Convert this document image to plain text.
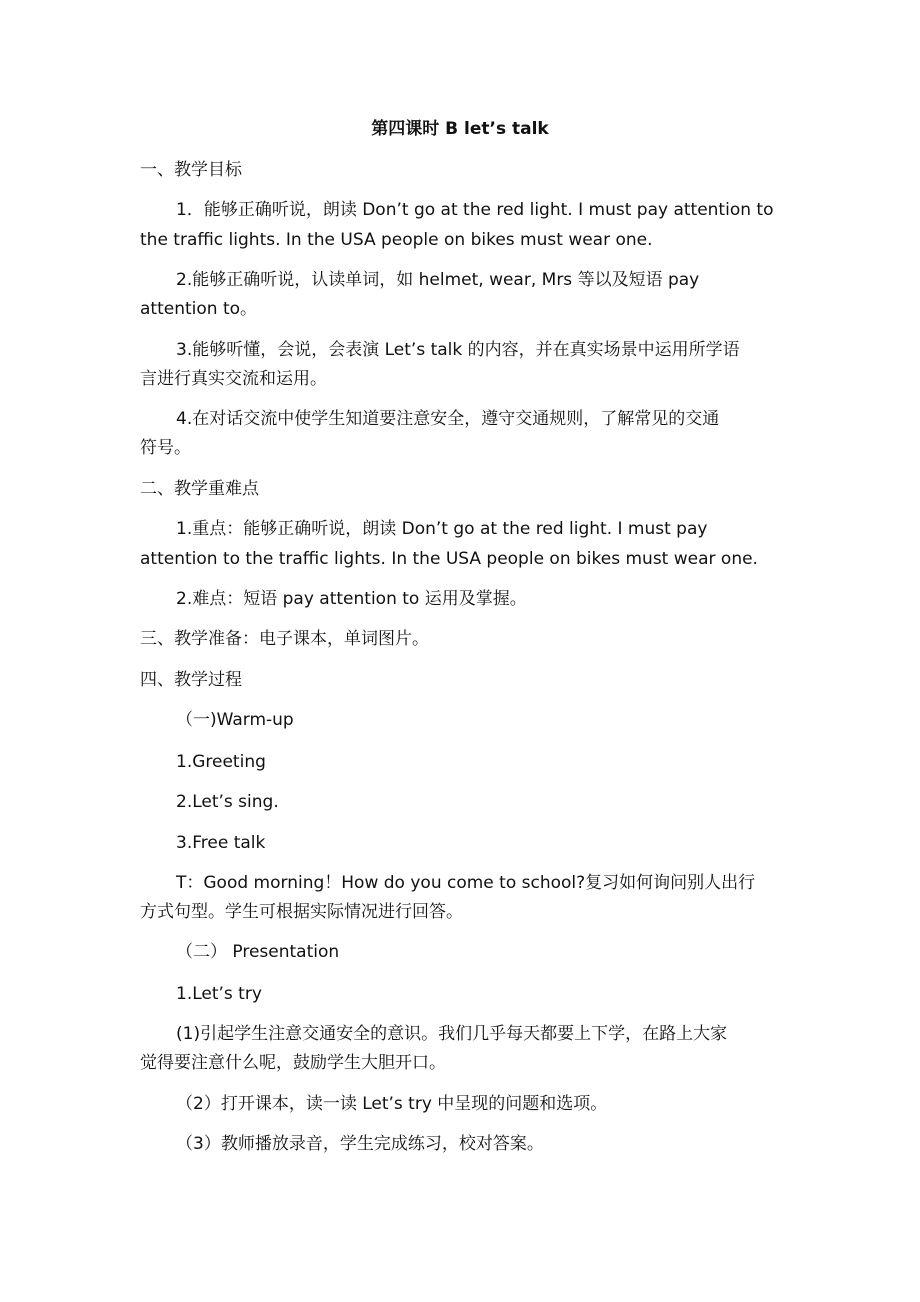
第四课时 B let’s talk
一、教学目标
1．能够正确听说，朗读 Don’t go at the red light. I must pay attention to
the traffic lights. In the USA people on bikes must wear one.
2.能够正确听说，认读单词，如 helmet, wear, Mrs 等以及短语 pay
attention to。
3.能够听懂，会说，会表演 Let’s talk 的内容，并在真实场景中运用所学语
言进行真实交流和运用。
4.在对话交流中使学生知道要注意安全，遵守交通规则，了解常见的交通
符号。
二、教学重难点
1.重点：能够正确听说，朗读 Don’t go at the red light. I must pay
attention to the traffic lights. In the USA people on bikes must wear one.
2.难点：短语 pay attention to 运用及掌握。
三、教学准备：电子课本，单词图片。
四、教学过程
（一)Warm-up
1.Greeting
2.Let’s sing.
3.Free talk
T：Good morning！How do you come to school?复习如何询问别人出行
方式句型。学生可根据实际情况进行回答。
（二） Presentation
1.Let’s try
(1)引起学生注意交通安全的意识。我们几乎每天都要上下学，在路上大家
觉得要注意什么呢，鼓励学生大胆开口。
（2）打开课本，读一读 Let’s try 中呈现的问题和选项。
（3）教师播放录音，学生完成练习，校对答案。
